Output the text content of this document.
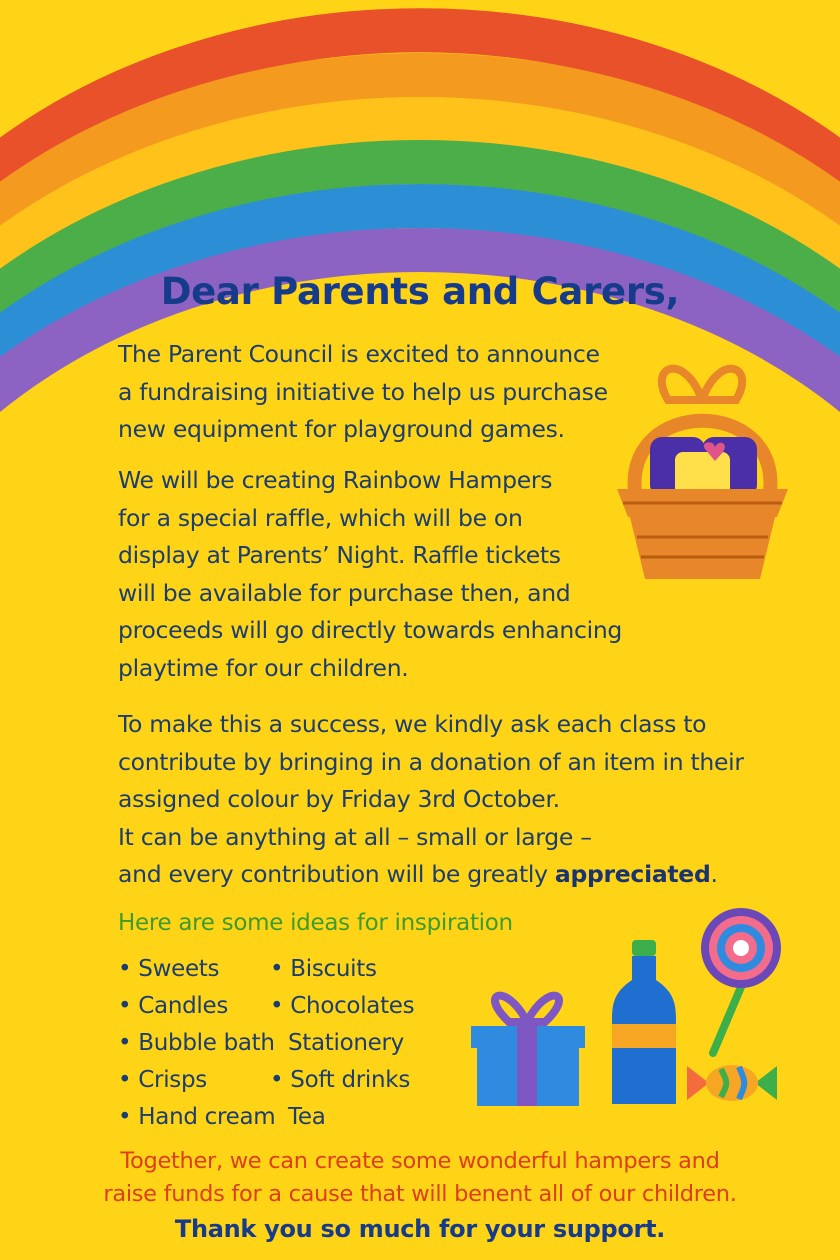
Dear Parents and Carers,
The Parent Council is excited to announce
a fundraising initiative to help us purchase
new equipment for playground games.
We will be creating Rainbow Hampers
for a special raffle, which will be on
display at Parents’ Night. Raffle tickets
will be available for purchase then, and
proceeds will go directly towards enhancing
playtime for our children.
To make this a success, we kindly ask each class to
contribute by bringing in a donation of an item in their
assigned colour by Friday 3rd October.
It can be anything at all – small or large –
and every contribution will be greatly appreciated.
Here are some ideas for inspiration
• Sweets
• Candles
• Bubble bath
• Crisps
• Hand cream
• Biscuits
• Chocolates
Stationery
• Soft drinks
Tea
Together, we can create some wonderful hampers and
raise funds for a cause that will benent all of our children.
Thank you so much for your support.
